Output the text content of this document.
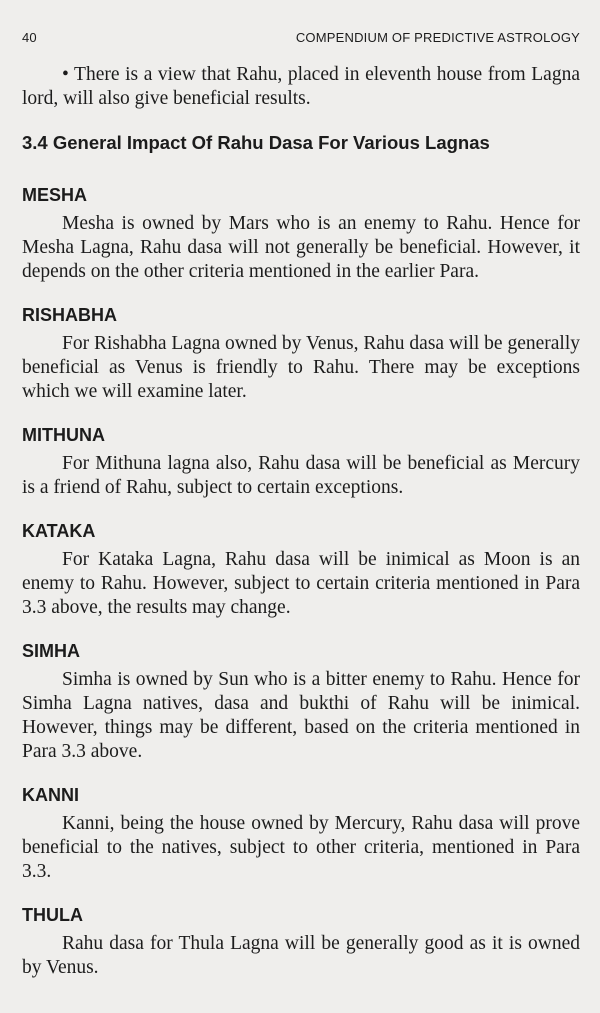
40	COMPENDIUM OF PREDICTIVE ASTROLOGY

• There is a view that Rahu, placed in eleventh house from Lagna lord, will also give beneficial results.

3.4 General Impact Of Rahu Dasa For Various Lagnas

MESHA

Mesha is owned by Mars who is an enemy to Rahu. Hence for Mesha Lagna, Rahu dasa will not generally be beneficial. However, it depends on the other criteria mentioned in the earlier Para.

RISHABHA

For Rishabha Lagna owned by Venus, Rahu dasa will be generally beneficial as Venus is friendly to Rahu. There may be exceptions which we will examine later.

MITHUNA

For Mithuna lagna also, Rahu dasa will be beneficial as Mercury is a friend of Rahu, subject to certain exceptions.

KATAKA

For Kataka Lagna, Rahu dasa will be inimical as Moon is an enemy to Rahu. However, subject to certain criteria mentioned in Para 3.3 above, the results may change.

SIMHA

Simha is owned by Sun who is a bitter enemy to Rahu. Hence for Simha Lagna natives, dasa and bukthi of Rahu will be inimical. However, things may be different, based on the criteria mentioned in Para 3.3 above.

KANNI

Kanni, being the house owned by Mercury, Rahu dasa will prove beneficial to the natives, subject to other criteria, mentioned in Para 3.3.

THULA

Rahu dasa for Thula Lagna will be generally good as it is owned by Venus.
